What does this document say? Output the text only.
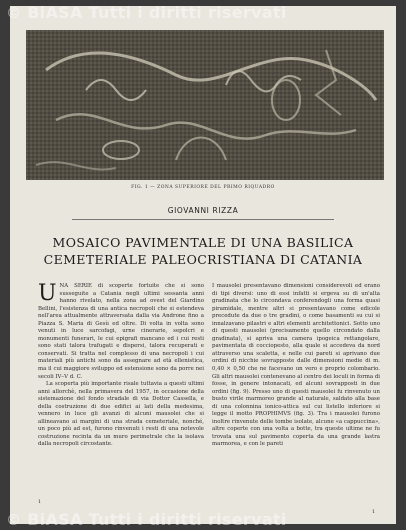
© BiASA Tutti i diritti riservati
FIG. 1 — ZONA SUPERIORE DEL PRIMO RIQUADRO
GIOVANNI RIZZA
MOSAICO PAVIMENTALE DI UNA BASILICA
CEMETERIALE PALEOCRISTIANA DI CATANIA

UNA SERIE di scoperte fortuite che si sono susseguite a Catania negli ultimi sessanta anni hanno rivelato, nella zona ad ovest del Giardino Bellini, l'esistenza di una antica necropoli che si estendeva nell'area attualmente attraversata dalla via Androne fino a Piazza S. Maria di Gesù ed oltre. Di volta in volta sono venuti in luce sarcofagi, urne cinerarie, sepolcri e monumenti funerari, le cui epigrafi mancano ed i cui resti sono stati talora trafugati e dispersi, talora recuperati e conservati. Si tratta nel complesso di una necropoli i cui materiali più antichi sono da assegnare ad età ellenistica, ma il cui maggiore sviluppo ed estensione sono da porre nei secoli IV–V d. C.

La scoperta più importante risale tuttavia a questi ultimi anni allorchè, nella primavera del 1957, in occasione della sistemazione del fondo stradale di via Dottor Cassella, e della costruzione di due edifici ai lati della medesima, vennero in luce gli avanzi di alcuni mausolei che si allineavano ai margini di una strada cemeteriale, nonché, un poco più ad est, furono rinvenuti i resti di una notevole costruzione recinta da un muro perimetrale che la isolava dalla necropoli circostante.

I mausolei presentavano dimensioni considerevoli ed erano di tipi diversi: uno di essi infatti si ergeva su di un'alta gradinata che lo circondava conferendogli una forma quasi piramidale, mentre altri si presentavano come edicole precedute da due o tre gradini, o come basamenti su cui si innalzavano pilastri e altri elementi architettonici. Sotto uno di questi mausolei (precisamente quello circondato dalla gradinata), si apriva una camera ipogeica rettangolare, pavimentata di cocciopesto, alla quale si accedeva da nord attraverso una scaletta, e nelle cui pareti si aprivano due ordini di nicchie sovrapposte dalle dimensioni medie di m. 0,40 × 0,50 che ne facevano un vero e proprio colombario. Gli altri mausolei contenevano al centro dei loculi in forma di fosse, in genere intonacati, ed alcuni sovrapposti in due ordini (fig. 9). Presso uno di questi mausolei fu rinvenuto un busto virile marmoreo grande al naturale, saldato alla base di una colonnina ionico-attica sul cui listello inferiore si legge il motto PROPHIMVS (fig. 3). Tra i mausolei furono inoltre rinvenute delle tombe isolate, alcune «a cappuccina», altre coperte con una volta a botte, tra queste ultime ne fu trovata una sul pavimento coperta da una grande lastra marmorea, e con le pareti

1
1
© BiASA Tutti i diritti riservati
